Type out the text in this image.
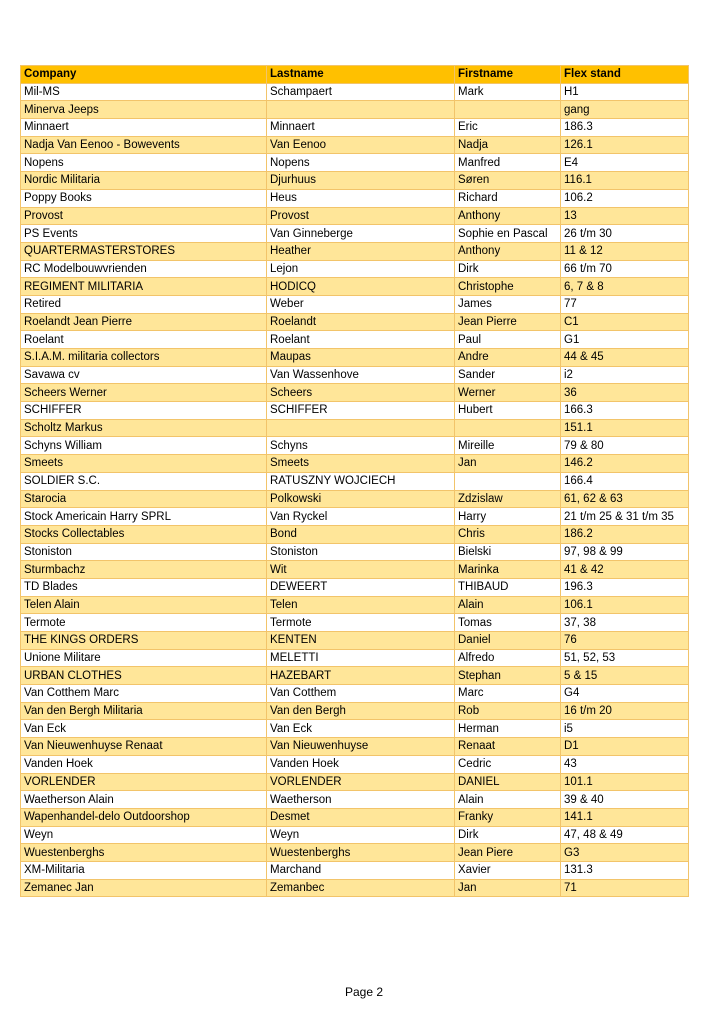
Company	Lastname	Firstname	Flex stand
Mil-MS	Schampaert	Mark	H1
Minerva Jeeps			gang
Minnaert	Minnaert	Eric	186.3
Nadja Van Eenoo - Bowevents	Van Eenoo	Nadja	126.1
Nopens	Nopens	Manfred	E4
Nordic Militaria	Djurhuus	Søren	116.1
Poppy Books	Heus	Richard	106.2
Provost	Provost	Anthony	13
PS Events	Van Ginneberge	Sophie en Pascal	26 t/m 30
QUARTERMASTERSTORES	Heather	Anthony	11 & 12
RC Modelbouwvrienden	Lejon	Dirk	66 t/m 70
REGIMENT MILITARIA	HODICQ	Christophe	6, 7 & 8
Retired	Weber	James	77
Roelandt Jean Pierre	Roelandt	Jean Pierre	C1
Roelant	Roelant	Paul	G1
S.I.A.M. militaria collectors	Maupas	Andre	44 & 45
Savawa cv	Van Wassenhove	Sander	i2
Scheers Werner	Scheers	Werner	36
SCHIFFER	SCHIFFER	Hubert	166.3
Scholtz Markus			151.1
Schyns William	Schyns	Mireille	79 & 80
Smeets	Smeets	Jan	146.2
SOLDIER S.C.	RATUSZNY WOJCIECH		166.4
Starocia	Polkowski	Zdzislaw	61, 62 & 63
Stock Americain Harry SPRL	Van Ryckel	Harry	21 t/m 25 & 31 t/m 35
Stocks Collectables	Bond	Chris	186.2
Stoniston	Stoniston	Bielski	97, 98 & 99
Sturmbachz	Wit	Marinka	41 & 42
TD Blades	DEWEERT	THIBAUD	196.3
Telen Alain	Telen	Alain	106.1
Termote	Termote	Tomas	37, 38
THE KINGS ORDERS	KENTEN	Daniel	76
Unione Militare	MELETTI	Alfredo	51, 52, 53
URBAN CLOTHES	HAZEBART	Stephan	5 & 15
Van Cotthem Marc	Van Cotthem	Marc	G4
Van den Bergh Militaria	Van den Bergh	Rob	16 t/m 20
Van Eck	Van Eck	Herman	i5
Van Nieuwenhuyse Renaat	Van Nieuwenhuyse	Renaat	D1
Vanden Hoek	Vanden Hoek	Cedric	43
VORLENDER	VORLENDER	DANIEL	101.1
Waetherson Alain	Waetherson	Alain	39 & 40
Wapenhandel-delo Outdoorshop	Desmet	Franky	141.1
Weyn	Weyn	Dirk	47, 48 & 49
Wuestenberghs	Wuestenberghs	Jean Piere	G3
XM-Militaria	Marchand	Xavier	131.3
Zemanec Jan	Zemanbec	Jan	71
Page 2
